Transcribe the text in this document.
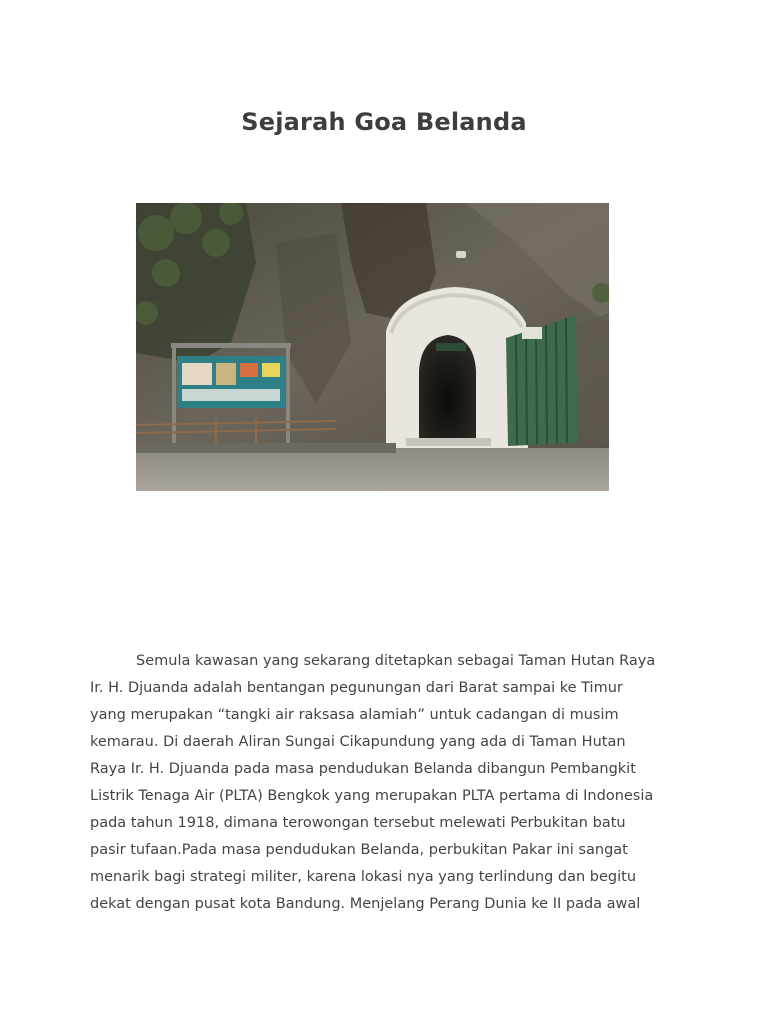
Sejarah Goa Belanda
Semula kawasan yang sekarang ditetapkan sebagai Taman Hutan Raya
Ir. H. Djuanda adalah bentangan pegunungan dari Barat sampai ke Timur
yang merupakan “tangki air raksasa alamiah” untuk cadangan di musim
kemarau. Di daerah Aliran Sungai Cikapundung yang ada di Taman Hutan
Raya Ir. H. Djuanda pada masa pendudukan Belanda dibangun Pembangkit
Listrik Tenaga Air (PLTA) Bengkok yang merupakan PLTA pertama di Indonesia
pada tahun 1918, dimana terowongan tersebut melewati Perbukitan batu
pasir tufaan.Pada masa pendudukan Belanda, perbukitan Pakar ini sangat
menarik bagi strategi militer, karena lokasi nya yang terlindung dan begitu
dekat dengan pusat kota Bandung. Menjelang Perang Dunia ke II pada awal
